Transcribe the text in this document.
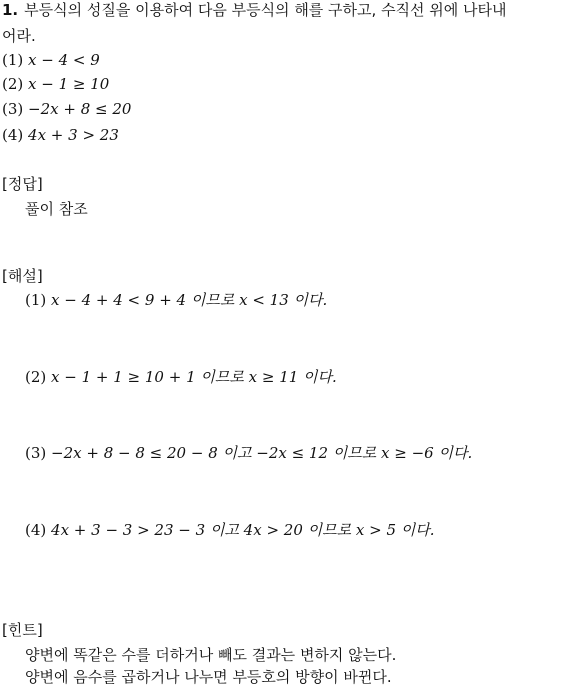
1. 부등식의 성질을 이용하여 다음 부등식의 해를 구하고, 수직선 위에 나타내
어라.
(1) x − 4 < 9
(2) x − 1 ≥ 10
(3) −2x + 8 ≤ 20
(4) 4x + 3 > 23
[정답]
풀이 참조
[해설]
(1) x − 4 + 4 < 9 + 4 이므로 x < 13 이다.
(2) x − 1 + 1 ≥ 10 + 1 이므로 x ≥ 11 이다.
(3) −2x + 8 − 8 ≤ 20 − 8 이고 −2x ≤ 12 이므로 x ≥ −6 이다.
(4) 4x + 3 − 3 > 23 − 3 이고 4x > 20 이므로 x > 5 이다.
[힌트]
양변에 똑같은 수를 더하거나 빼도 결과는 변하지 않는다.
양변에 음수를 곱하거나 나누면 부등호의 방향이 바뀐다.
